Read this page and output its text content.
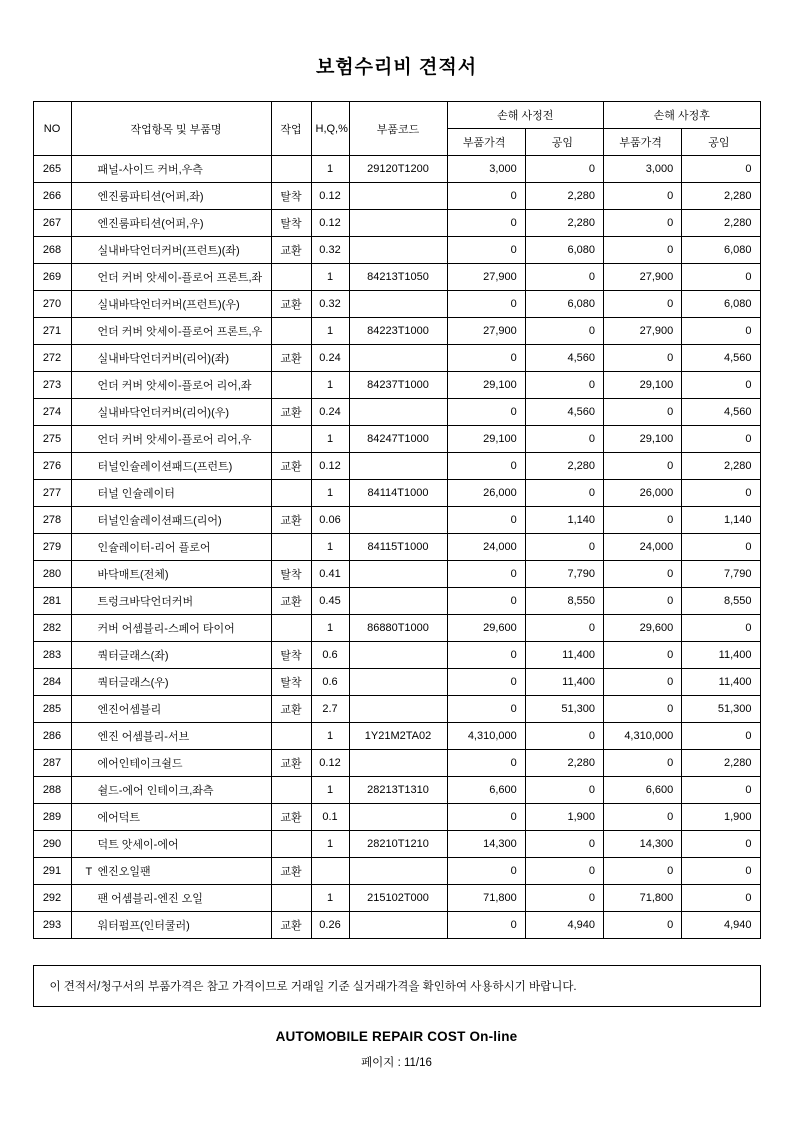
보험수리비 견적서
NO	작업항목 및 부품명	작업	H,Q,%	부품코드	손해 사정전		손해 사정후	
					부품가격	공임	부품가격	공임
265	패널-사이드 커버,우측		1	29120T1200	3,000	0	3,000	0
266	엔진룸파티션(어퍼,좌)	탈착	0.12		0	2,280	0	2,280
267	엔진룸파티션(어퍼,우)	탈착	0.12		0	2,280	0	2,280
268	실내바닥언더커버(프런트)(좌)	교환	0.32		0	6,080	0	6,080
269	언더 커버 앗세이-플로어 프론트,좌		1	84213T1050	27,900	0	27,900	0
270	실내바닥언더커버(프런트)(우)	교환	0.32		0	6,080	0	6,080
271	언더 커버 앗세이-플로어 프론트,우		1	84223T1000	27,900	0	27,900	0
272	실내바닥언더커버(리어)(좌)	교환	0.24		0	4,560	0	4,560
273	언더 커버 앗세이-플로어 리어,좌		1	84237T1000	29,100	0	29,100	0
274	실내바닥언더커버(리어)(우)	교환	0.24		0	4,560	0	4,560
275	언더 커버 앗세이-플로어 리어,우		1	84247T1000	29,100	0	29,100	0
276	터널인슐레이션패드(프런트)	교환	0.12		0	2,280	0	2,280
277	터널 인슐레이터		1	84114T1000	26,000	0	26,000	0
278	터널인슐레이션패드(리어)	교환	0.06		0	1,140	0	1,140
279	인슐레이터-리어 플로어		1	84115T1000	24,000	0	24,000	0
280	바닥매트(전체)	탈착	0.41		0	7,790	0	7,790
281	트렁크바닥언더커버	교환	0.45		0	8,550	0	8,550
282	커버 어셈블리-스페어 타이어		1	86880T1000	29,600	0	29,600	0
283	쿽터글래스(좌)	탈착	0.6		0	11,400	0	11,400
284	쿽터글래스(우)	탈착	0.6		0	11,400	0	11,400
285	엔진어셈블리	교환	2.7		0	51,300	0	51,300
286	엔진 어셈블리-서브		1	1Y21M2TA02	4,310,000	0	4,310,000	0
287	에어인테이크쉴드	교환	0.12		0	2,280	0	2,280
288	쉴드-에어 인테이크,좌측		1	28213T1310	6,600	0	6,600	0
289	에어덕트	교환	0.1		0	1,900	0	1,900
290	덕트 앗세이-에어		1	28210T1210	14,300	0	14,300	0
291	T 엔진오일팬	교환			0	0	0	0
292	팬 어셈블리-엔진 오일		1	215102T000	71,800	0	71,800	0
293	워터펌프(인터쿨러)	교환	0.26		0	4,940	0	4,940
이 견적서/청구서의 부품가격은 참고 가격이므로 거래일 기준 실거래가격을 확인하여 사용하시기 바랍니다.
AUTOMOBILE REPAIR COST On-line
페이지 : 11/16
